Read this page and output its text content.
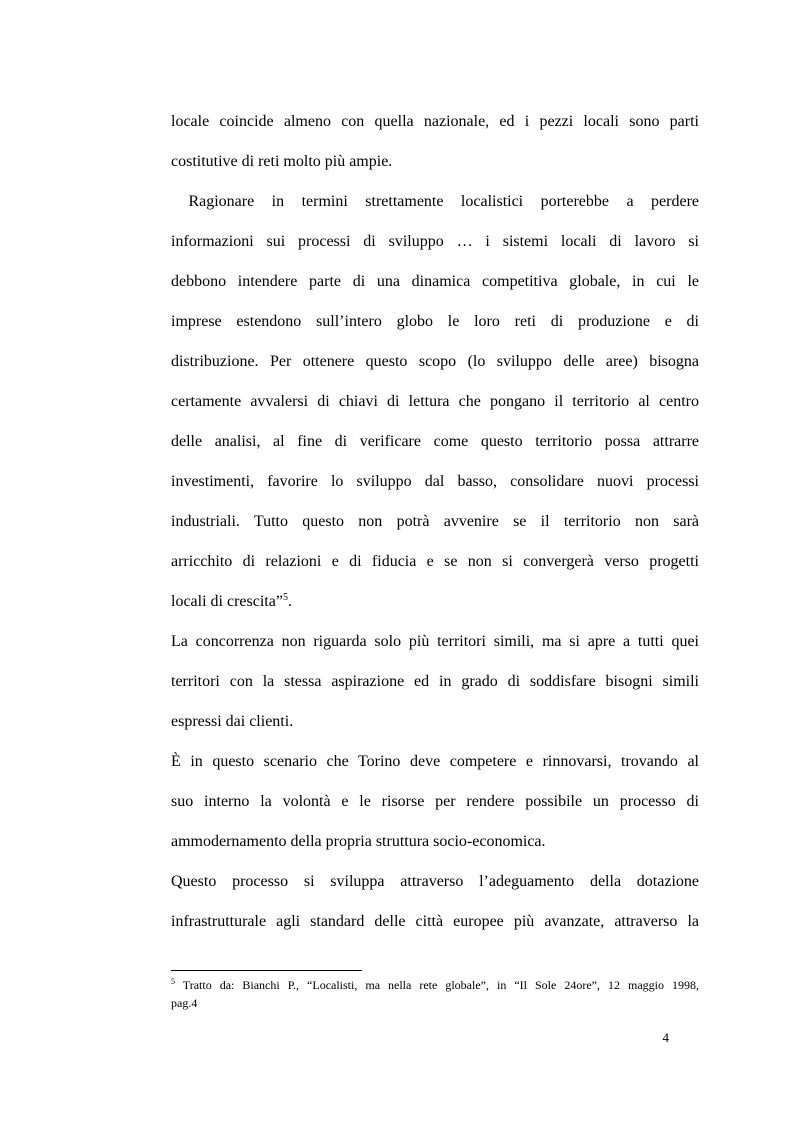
locale coincide almeno con quella nazionale, ed i pezzi locali sono parti
costitutive di reti molto più ampie.
Ragionare in termini strettamente localistici porterebbe a perdere
informazioni sui processi di sviluppo … i sistemi locali di lavoro si
debbono intendere parte di una dinamica competitiva globale, in cui le
imprese estendono sull’intero globo le loro reti di produzione e di
distribuzione. Per ottenere questo scopo (lo sviluppo delle aree) bisogna
certamente avvalersi di chiavi di lettura che pongano il territorio al centro
delle analisi, al fine di verificare come questo territorio possa attrarre
investimenti, favorire lo sviluppo dal basso, consolidare nuovi processi
industriali. Tutto questo non potrà avvenire se il territorio non sarà
arricchito di relazioni e di fiducia e se non si convergerà verso progetti
locali di crescita”$^5$.
La concorrenza non riguarda solo più territori simili, ma si apre a tutti quei
territori con la stessa aspirazione ed in grado di soddisfare bisogni simili
espressi dai clienti.
È in questo scenario che Torino deve competere e rinnovarsi, trovando al
suo interno la volontà e le risorse per rendere possibile un processo di
ammodernamento della propria struttura socio-economica.
Questo processo si sviluppa attraverso l’adeguamento della dotazione
infrastrutturale agli standard delle città europee più avanzate, attraverso la
$^5$ Tratto da: Bianchi P., “Localisti, ma nella rete globale”, in “Il Sole 24ore”, 12 maggio 1998,
pag.4
4
